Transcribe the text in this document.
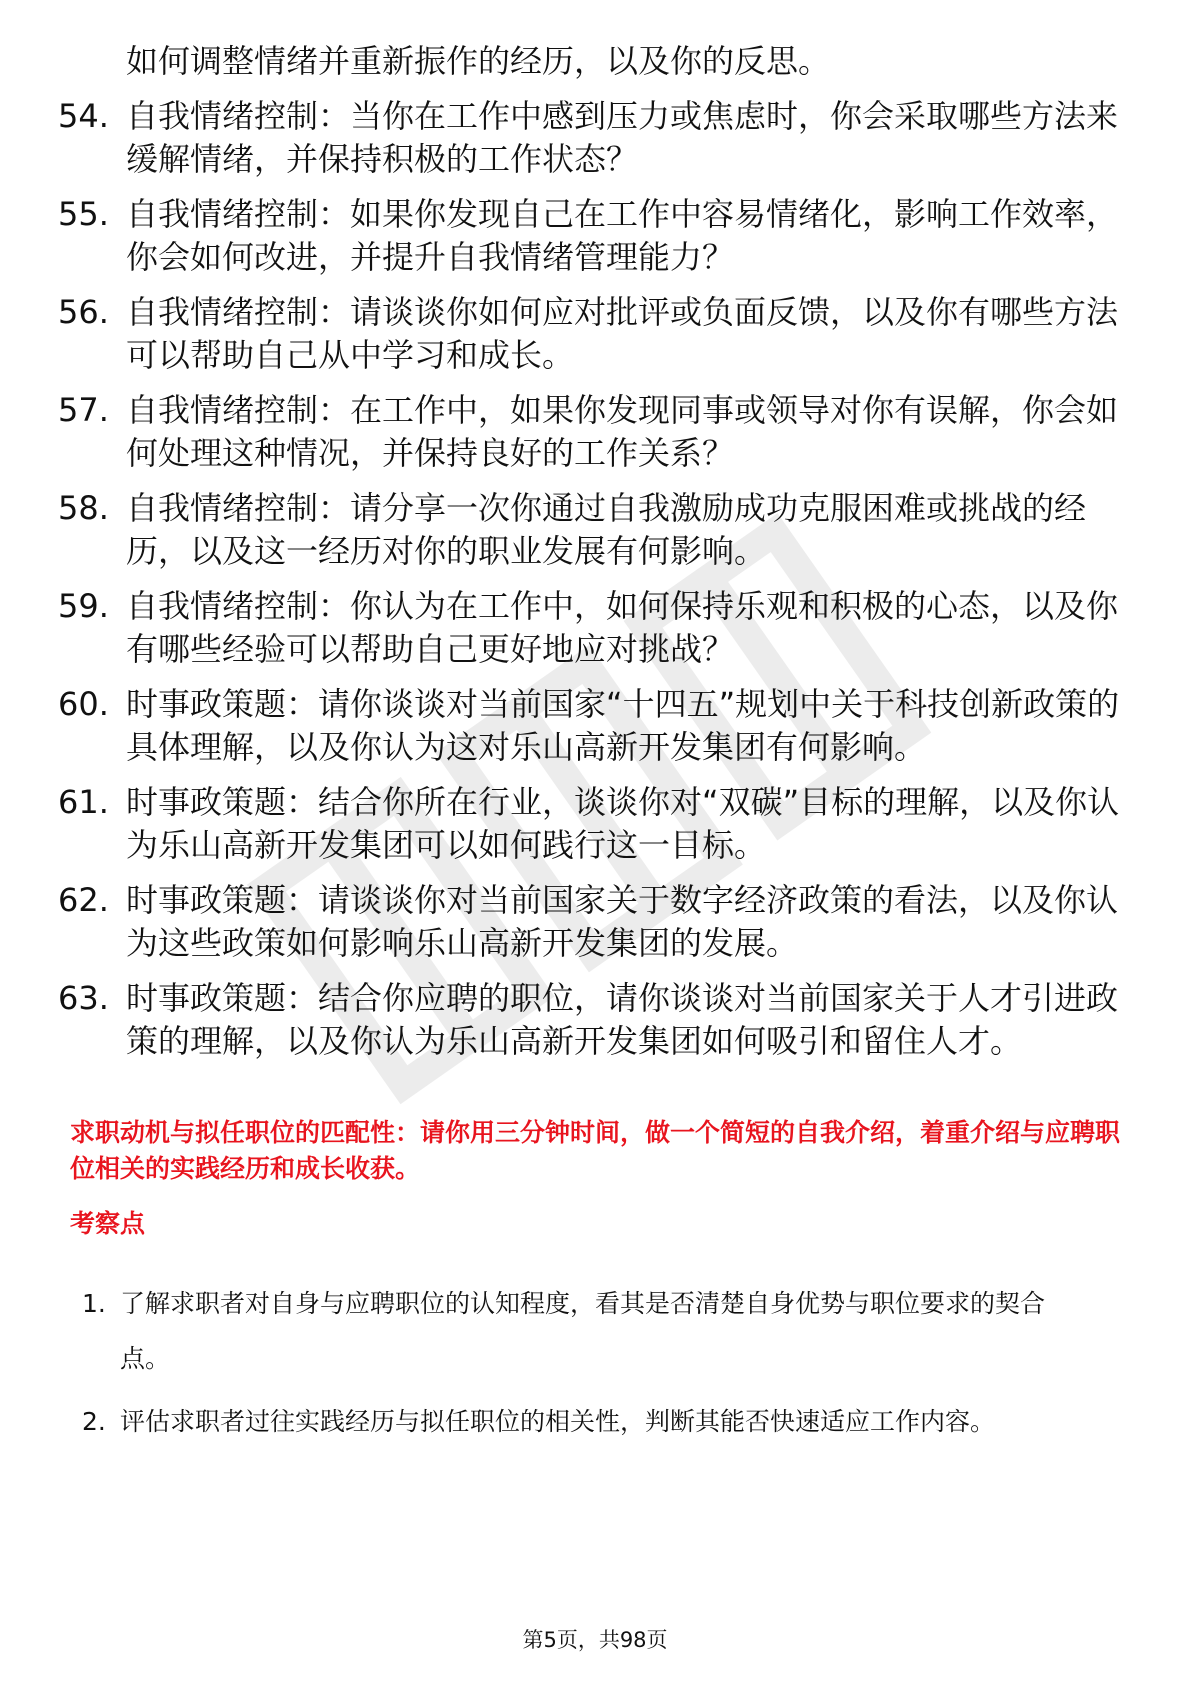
如何调整情绪并重新振作的经历，以及你的反思。
54. 自我情绪控制：当你在工作中感到压力或焦虑时，你会采取哪些方法来缓解情绪，并保持积极的工作状态？
55. 自我情绪控制：如果你发现自己在工作中容易情绪化，影响工作效率，你会如何改进，并提升自我情绪管理能力？
56. 自我情绪控制：请谈谈你如何应对批评或负面反馈，以及你有哪些方法可以帮助自己从中学习和成长。
57. 自我情绪控制：在工作中，如果你发现同事或领导对你有误解，你会如何处理这种情况，并保持良好的工作关系？
58. 自我情绪控制：请分享一次你通过自我激励成功克服困难或挑战的经历，以及这一经历对你的职业发展有何影响。
59. 自我情绪控制：你认为在工作中，如何保持乐观和积极的心态，以及你有哪些经验可以帮助自己更好地应对挑战？
60. 时事政策题：请你谈谈对当前国家“十四五”规划中关于科技创新政策的具体理解，以及你认为这对乐山高新开发集团有何影响。
61. 时事政策题：结合你所在行业，谈谈你对“双碳”目标的理解，以及你认为乐山高新开发集团可以如何践行这一目标。
62. 时事政策题：请谈谈你对当前国家关于数字经济政策的看法，以及你认为这些政策如何影响乐山高新开发集团的发展。
63. 时事政策题：结合你应聘的职位，请你谈谈对当前国家关于人才引进政策的理解，以及你认为乐山高新开发集团如何吸引和留住人才。
求职动机与拟任职位的匹配性：请你用三分钟时间，做一个简短的自我介绍，着重介绍与应聘职位相关的实践经历和成长收获。
考察点
1. 了解求职者对自身与应聘职位的认知程度，看其是否清楚自身优势与职位要求的契合点。
2. 评估求职者过往实践经历与拟任职位的相关性，判断其能否快速适应工作内容。
第5页，共98页
